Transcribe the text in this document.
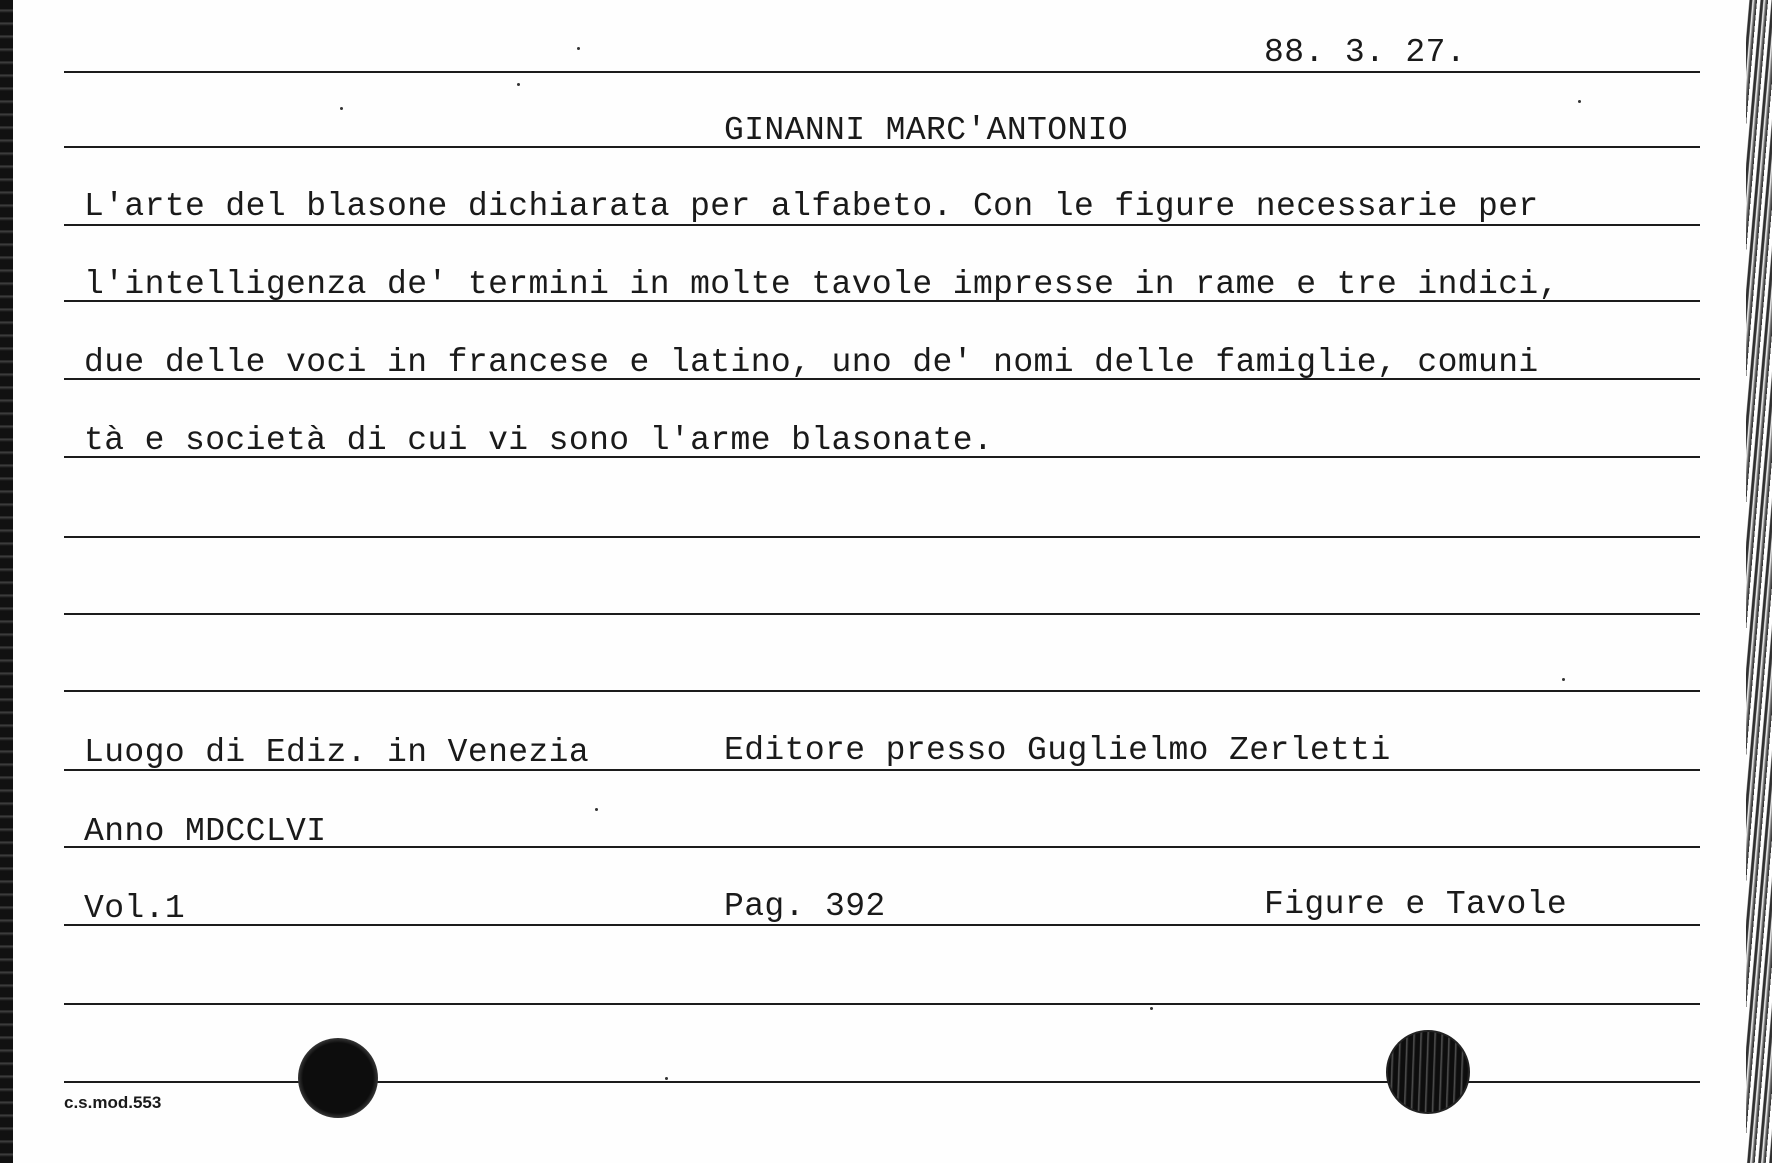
88. 3. 27.
GINANNI MARC'ANTONIO
L'arte del blasone dichiarata per alfabeto. Con le figure necessarie per
l'intelligenza de' termini in molte tavole impresse in rame e tre indici,
due delle voci in francese e latino, uno de' nomi delle famiglie, comuni
tà e società di cui vi sono l'arme blasonate.
Luogo di Ediz. in Venezia	Editore presso Guglielmo Zerletti
Anno MDCCLVI
Vol.1	Pag. 392	Figure e Tavole
c.s.mod.553
